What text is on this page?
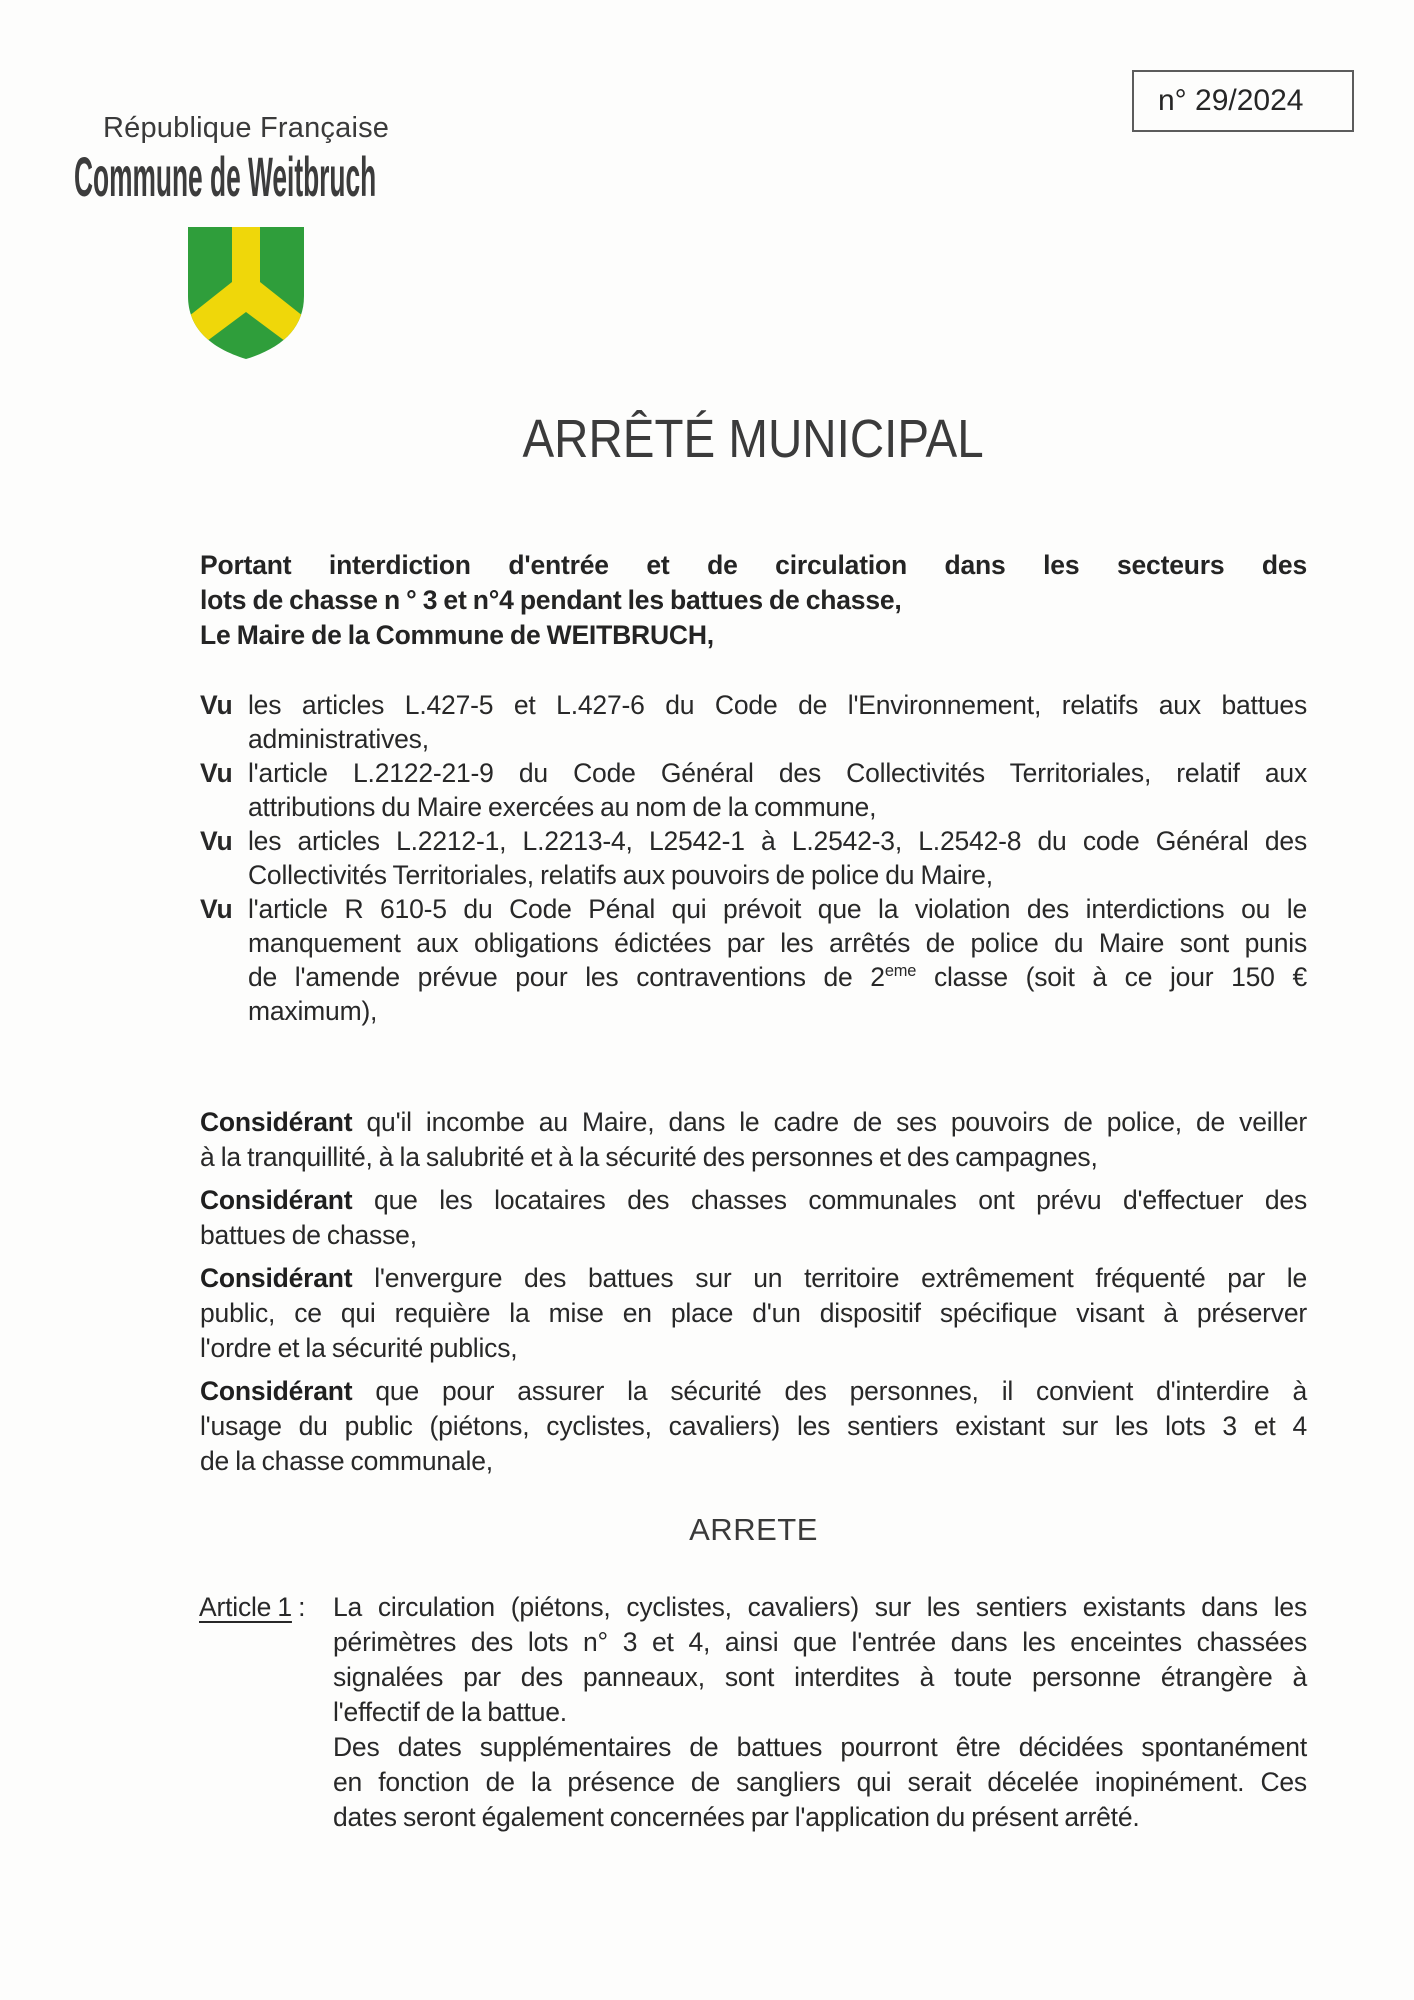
République Française
Commune de Weitbruch
n° 29/2024
ARRÊTÉ MUNICIPAL
Portant interdiction d'entrée et de circulation dans les secteurs des
lots de chasse n ° 3 et n°4 pendant les battues de chasse,
Le Maire de la Commune de WEITBRUCH,
Vu les articles L.427-5 et L.427-6 du Code de l'Environnement, relatifs aux battues
administratives,
Vu l'article L.2122-21-9 du Code Général des Collectivités Territoriales, relatif aux
attributions du Maire exercées au nom de la commune,
Vu les articles L.2212-1, L.2213-4, L2542-1 à L.2542-3, L.2542-8 du code Général des
Collectivités Territoriales, relatifs aux pouvoirs de police du Maire,
Vu l'article R 610-5 du Code Pénal qui prévoit que la violation des interdictions ou le
manquement aux obligations édictées par les arrêtés de police du Maire sont punis
de l'amende prévue pour les contraventions de 2eme classe (soit à ce jour 150 €
maximum),
Considérant qu'il incombe au Maire, dans le cadre de ses pouvoirs de police, de veiller
à la tranquillité, à la salubrité et à la sécurité des personnes et des campagnes,
Considérant que les locataires des chasses communales ont prévu d'effectuer des
battues de chasse,
Considérant l'envergure des battues sur un territoire extrêmement fréquenté par le
public, ce qui requière la mise en place d'un dispositif spécifique visant à préserver
l'ordre et la sécurité publics,
Considérant que pour assurer la sécurité des personnes, il convient d'interdire à
l'usage du public (piétons, cyclistes, cavaliers) les sentiers existant sur les lots 3 et 4
de la chasse communale,
ARRETE
Article 1 : La circulation (piétons, cyclistes, cavaliers) sur les sentiers existants dans les
périmètres des lots n° 3 et 4, ainsi que l'entrée dans les enceintes chassées
signalées par des panneaux, sont interdites à toute personne étrangère à
l'effectif de la battue.
Des dates supplémentaires de battues pourront être décidées spontanément
en fonction de la présence de sangliers qui serait décelée inopinément. Ces
dates seront également concernées par l'application du présent arrêté.
